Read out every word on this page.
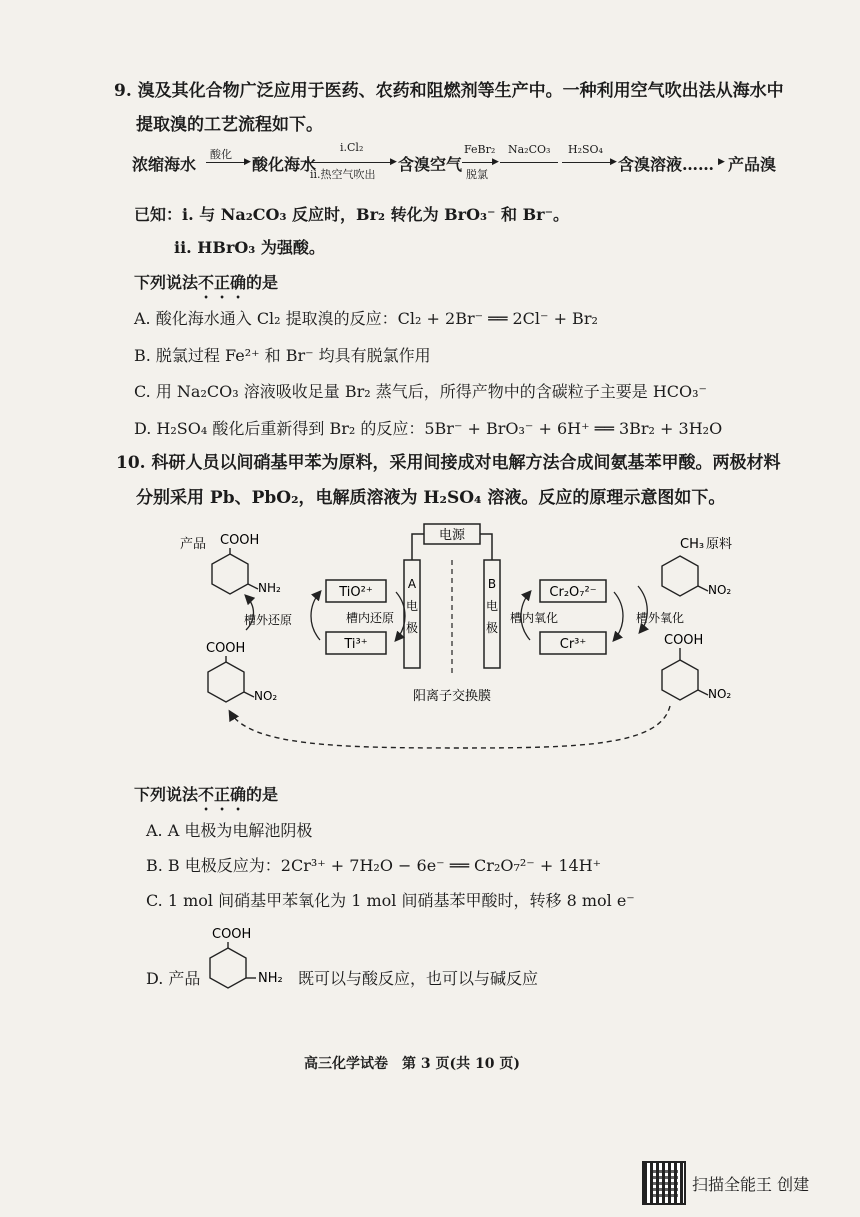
9. 溴及其化合物广泛应用于医药、农药和阻燃剂等生产中。一种利用空气吹出法从海水中
提取溴的工艺流程如下。
浓缩海水
酸化
▶ 酸化海水
i.Cl₂
▶
ii.热空气吹出
含溴空气
FeBr₂
▶
脱氯
Na₂CO₃ H₂SO₄
▶ 含溴溶液…… ▶ 产品溴
已知：i. 与 Na₂CO₃ 反应时，Br₂ 转化为 BrO₃⁻ 和 Br⁻。
ii. HBrO₃ 为强酸。
下列说法不正确的是
A. 酸化海水通入 Cl₂ 提取溴的反应：Cl₂ + 2Br⁻ ══ 2Cl⁻ + Br₂
B. 脱氯过程 Fe²⁺ 和 Br⁻ 均具有脱氯作用
C. 用 Na₂CO₃ 溶液吸收足量 Br₂ 蒸气后，所得产物中的含碳粒子主要是 HCO₃⁻
D. H₂SO₄ 酸化后重新得到 Br₂ 的反应：5Br⁻ + BrO₃⁻ + 6H⁺ ══ 3Br₂ + 3H₂O
10. 科研人员以间硝基甲苯为原料，采用间接成对电解方法合成间氨基苯甲酸。两极材料
分别采用 Pb、PbO₂，电解质溶液为 H₂SO₄ 溶液。反应的原理示意图如下。
电源
A
电
极
B
电
极
阳离子交换膜
TiO²⁺
Ti³⁺
槽内还原
槽外还原
Cr₂O₇²⁻
Cr³⁺
槽内氧化	槽外氧化
产品 COOH
NH₂
COOH
NO₂
CH₃ 原料
NO₂
COOH
NO₂
下列说法不正确的是
A. A 电极为电解池阴极
B. B 电极反应为：2Cr³⁺ + 7H₂O − 6e⁻ ══ Cr₂O₇²⁻ + 14H⁺
C. 1 mol 间硝基甲苯氧化为 1 mol 间硝基苯甲酸时，转移 8 mol e⁻
D. 产品
COOH
NH₂ 既可以与酸反应，也可以与碱反应
高三化学试卷　第 3 页(共 10 页)
扫描全能王 创建
